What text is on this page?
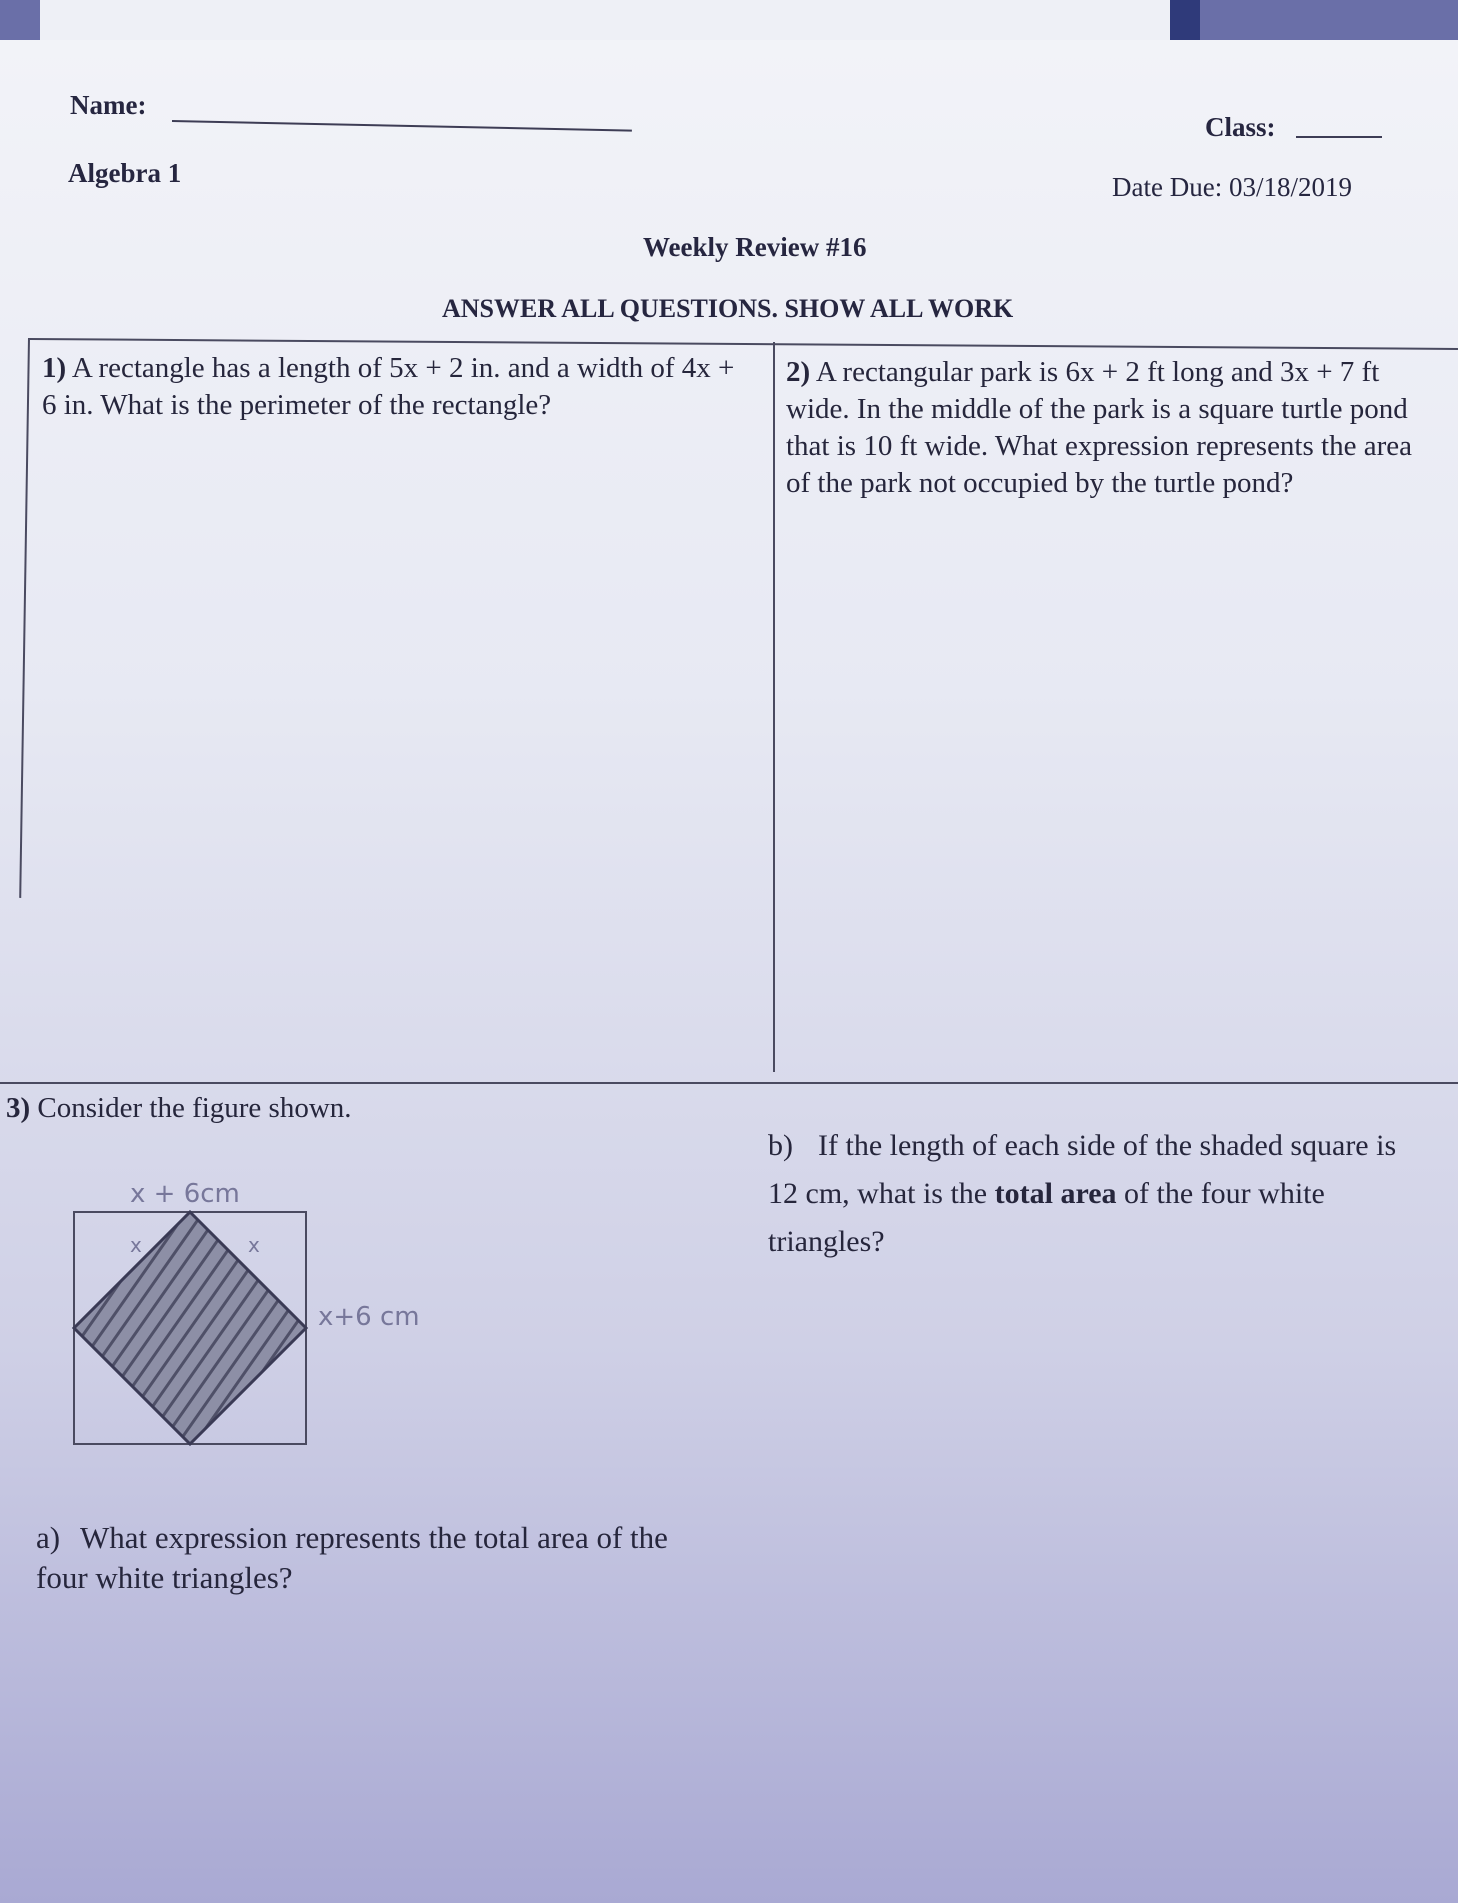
Name:
Class:
Algebra 1	Date Due: 03/18/2019
Weekly Review #16
ANSWER ALL QUESTIONS. SHOW ALL WORK
1) A rectangle has a length of 5x + 2 in. and a width of 4x + 6 in. What is the perimeter of the rectangle?
2) A rectangular park is 6x + 2 ft long and 3x + 7 ft wide. In the middle of the park is a square turtle pond that is 10 ft wide. What expression represents the area of the park not occupied by the turtle pond?
3) Consider the figure shown.
x + 6cm
x+6 cm
x	x
a) What expression represents the total area of the four white triangles?
b) If the length of each side of the shaded square is 12 cm, what is the total area of the four white triangles?
